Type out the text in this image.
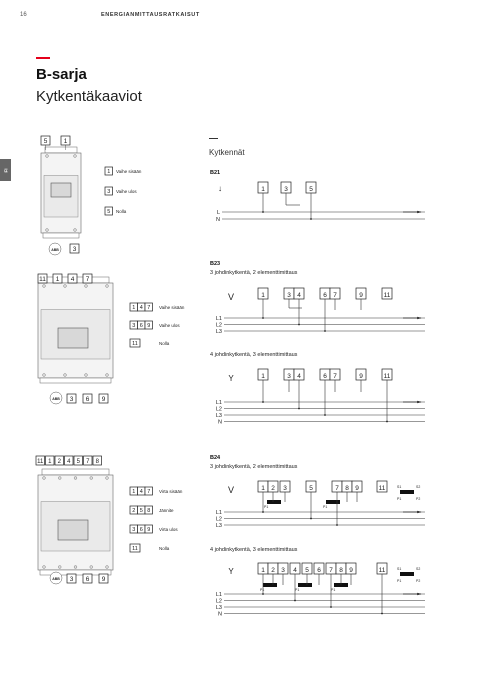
16	ENERGIANMITTAUSRATKAISUT
FI
B-sarja
Kytkentäkaaviot
Kytkennät
B21
B23
3 johdinkytkentä, 2 elementtimittaus
4 johdinkytkentä, 3 elementtimittaus
B24
3 johdinkytkentä, 2 elementtimittaus
4 johdinkytkentä, 3 elementtimittaus
5	1
ABB 3
11 1 4 7
ABB 3 6 9
11 1 2 4 5 7 8
ABB 3 6 9
1 Vaihe sisään
3 Vaihe ulos
5 Nolla
1 4 7 Vaihe sisään
3 6 9 Vaihe ulos
11	Nolla
1 4 7 Virta sisään
2 5 8 Jännite
3 6 9 Virta ulos
11	Nolla
↓	1	3	5
L
N
V	1	3 4	6 7	9	11
L1
L2
L3
Y	1	3 4	6 7	9	11
L1
L2
L3
N
V	1 2 3	5	7 8 9	11
L1
L2
L3
P1	P1
S1	S2
P1	P2
Y	1 2 3 4 5 6 7 8 9	11
L1
L2
L3
N
P1	P1	P1
S1	S2
P1	P2
